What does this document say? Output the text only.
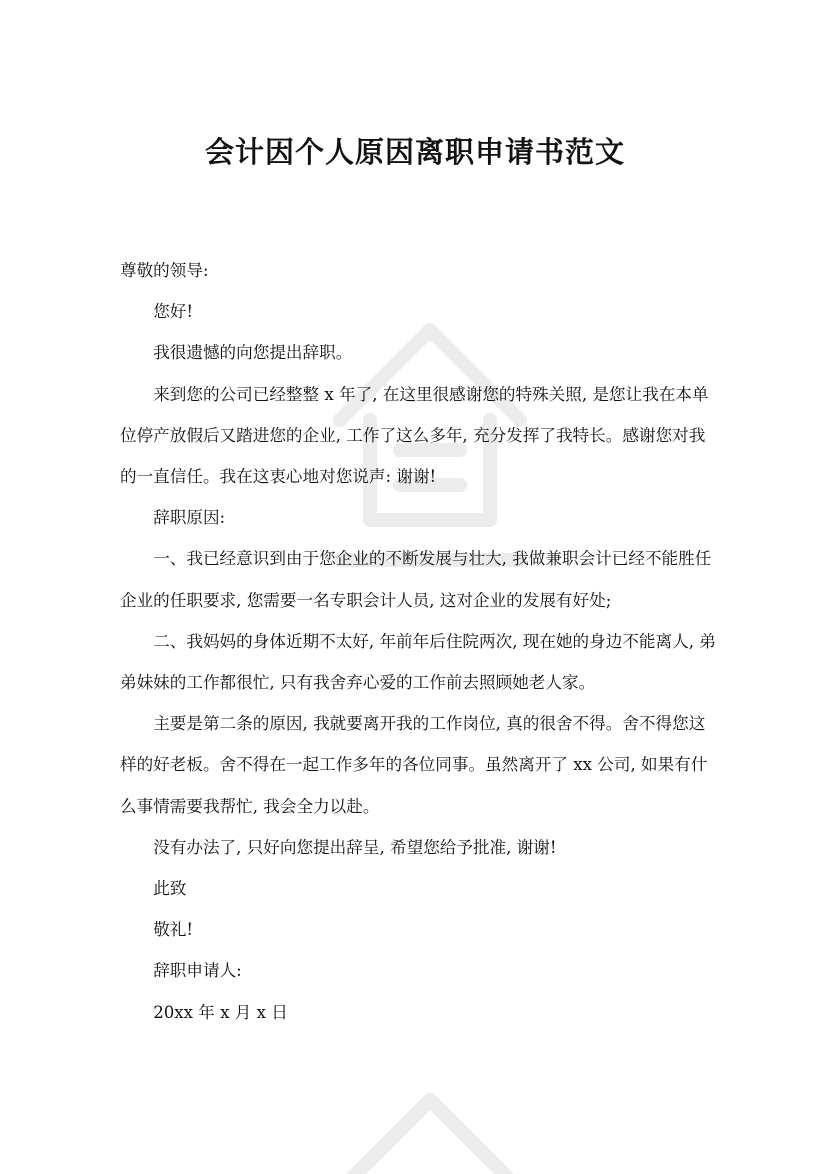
会计因个人原因离职申请书范文

尊敬的领导:

您好!

我很遗憾的向您提出辞职。

来到您的公司已经整整 x 年了, 在这里很感谢您的特殊关照, 是您让我在本单位停产放假后又踏进您的企业, 工作了这么多年, 充分发挥了我特长。感谢您对我的一直信任。我在这衷心地对您说声: 谢谢!

辞职原因:

一、我已经意识到由于您企业的不断发展与壮大, 我做兼职会计已经不能胜任企业的任职要求, 您需要一名专职会计人员, 这对企业的发展有好处;

二、我妈妈的身体近期不太好, 年前年后住院两次, 现在她的身边不能离人, 弟弟妹妹的工作都很忙, 只有我舍弃心爱的工作前去照顾她老人家。

主要是第二条的原因, 我就要离开我的工作岗位, 真的很舍不得。舍不得您这样的好老板。舍不得在一起工作多年的各位同事。虽然离开了 xx 公司, 如果有什么事情需要我帮忙, 我会全力以赴。

没有办法了, 只好向您提出辞呈, 希望您给予批准, 谢谢!

此致

敬礼!

辞职申请人:

20xx 年 x 月 x 日
